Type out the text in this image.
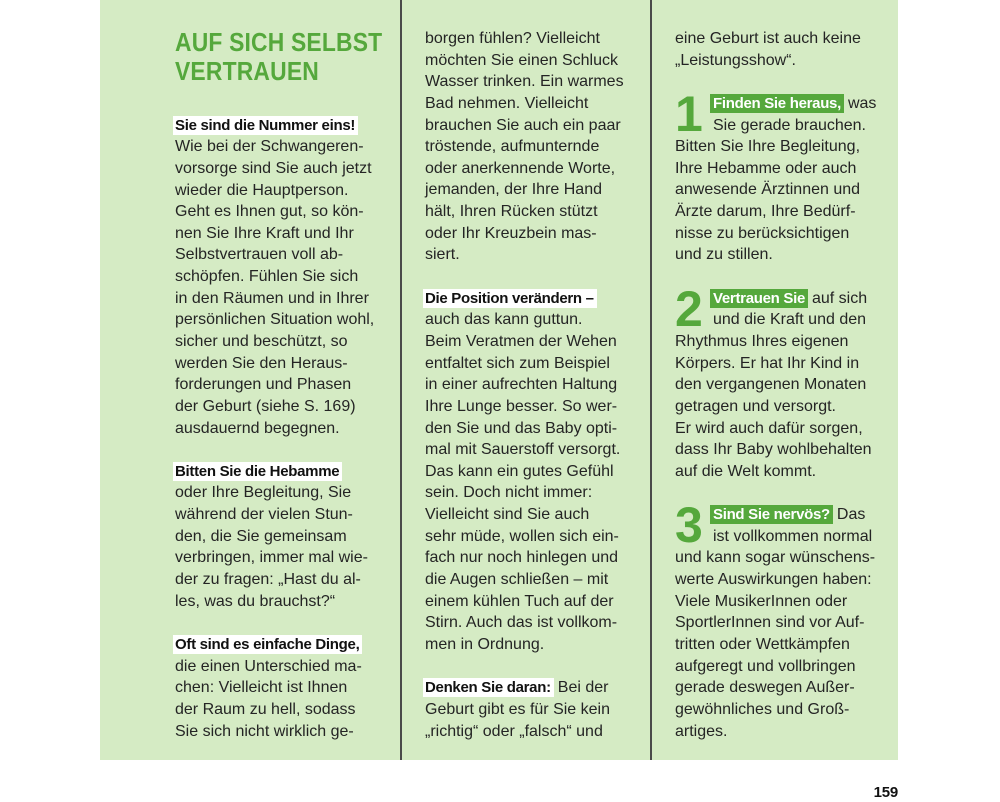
AUF SICH SELBST
VERTRAUEN
Sie sind die Nummer eins!
Wie bei der Schwangeren-
vorsorge sind Sie auch jetzt
wieder die Hauptperson.
Geht es Ihnen gut, so kön-
nen Sie Ihre Kraft und Ihr
Selbstvertrauen voll ab-
schöpfen. Fühlen Sie sich
in den Räumen und in Ihrer
persönlichen Situation wohl,
sicher und beschützt, so
werden Sie den Heraus-
forderungen und Phasen
der Geburt (siehe S. 169)
ausdauernd begegnen.
Bitten Sie die Hebamme
oder Ihre Begleitung, Sie
während der vielen Stun-
den, die Sie gemeinsam
verbringen, immer mal wie-
der zu fragen: „Hast du al-
les, was du brauchst?“
Oft sind es einfache Dinge,
die einen Unterschied ma-
chen: Vielleicht ist Ihnen
der Raum zu hell, sodass
Sie sich nicht wirklich ge-
borgen fühlen? Vielleicht
möchten Sie einen Schluck
Wasser trinken. Ein warmes
Bad nehmen. Vielleicht
brauchen Sie auch ein paar
tröstende, aufmunternde
oder anerkennende Worte,
jemanden, der Ihre Hand
hält, Ihren Rücken stützt
oder Ihr Kreuzbein mas-
siert.
Die Position verändern –
auch das kann guttun.
Beim Veratmen der Wehen
entfaltet sich zum Beispiel
in einer aufrechten Haltung
Ihre Lunge besser. So wer-
den Sie und das Baby opti-
mal mit Sauerstoff versorgt.
Das kann ein gutes Gefühl
sein. Doch nicht immer:
Vielleicht sind Sie auch
sehr müde, wollen sich ein-
fach nur noch hinlegen und
die Augen schließen – mit
einem kühlen Tuch auf der
Stirn. Auch das ist vollkom-
men in Ordnung.
Denken Sie daran: Bei der
Geburt gibt es für Sie kein
„richtig“ oder „falsch“ und
eine Geburt ist auch keine
„Leistungsshow“.
1 Finden Sie heraus, was
Sie gerade brauchen.
Bitten Sie Ihre Begleitung,
Ihre Hebamme oder auch
anwesende Ärztinnen und
Ärzte darum, Ihre Bedürf-
nisse zu berücksichtigen
und zu stillen.
2 Vertrauen Sie auf sich
und die Kraft und den
Rhythmus Ihres eigenen
Körpers. Er hat Ihr Kind in
den vergangenen Monaten
getragen und versorgt.
Er wird auch dafür sorgen,
dass Ihr Baby wohlbehalten
auf die Welt kommt.
3 Sind Sie nervös? Das
ist vollkommen normal
und kann sogar wünschens-
werte Auswirkungen haben:
Viele MusikerInnen oder
SportlerInnen sind vor Auf-
tritten oder Wettkämpfen
aufgeregt und vollbringen
gerade deswegen Außer-
gewöhnliches und Groß-
artiges.
159
